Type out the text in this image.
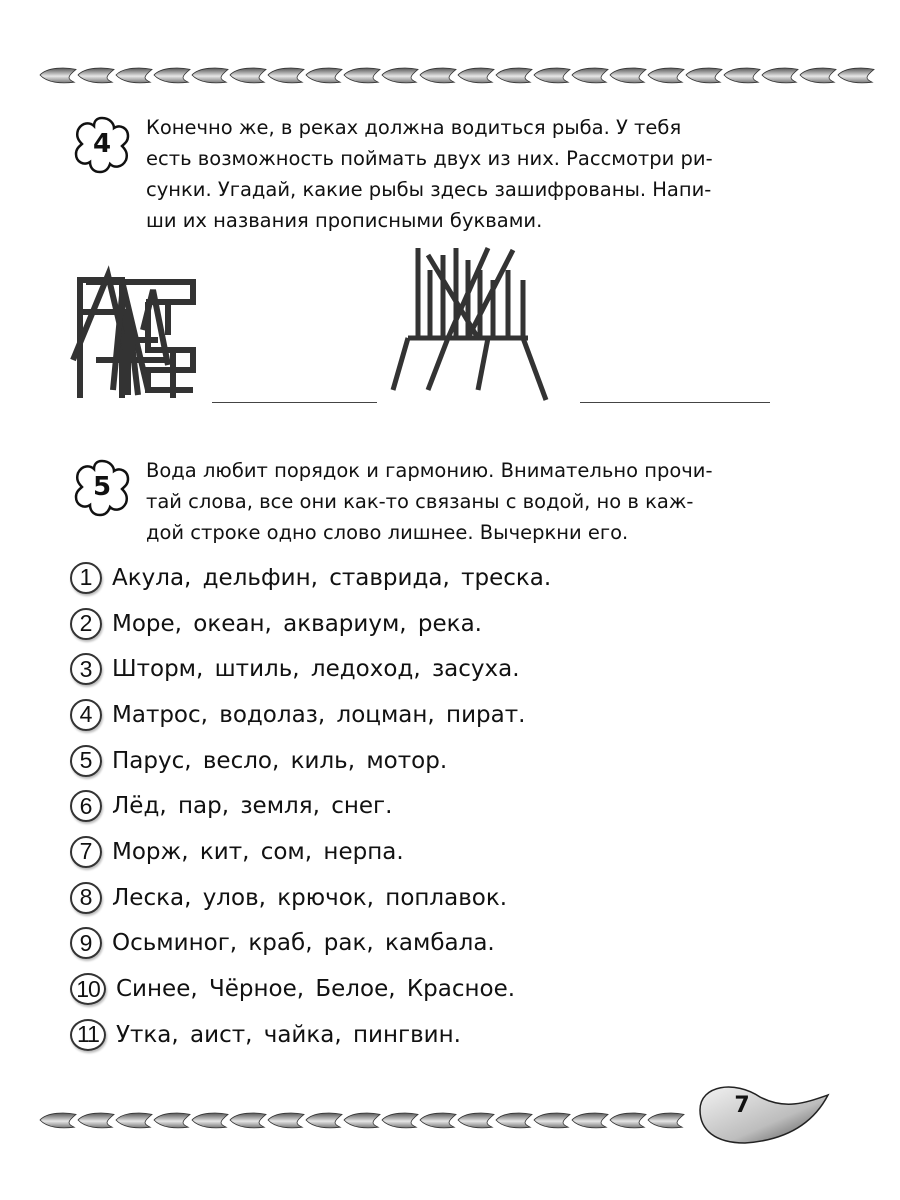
4
Конечно же, в реках должна водиться рыба. У тебя
есть возможность поймать двух из них. Рассмотри ри-
сунки. Угадай, какие рыбы здесь зашифрованы. Напи-
ши их названия прописными буквами.
5
Вода любит порядок и гармонию. Внимательно прочи-
тай слова, все они как-то связаны с водой, но в каж-
дой строке одно слово лишнее. Вычеркни его.
1 Акула, дельфин, ставрида, треска.
2 Море, океан, аквариум, река.
3 Шторм, штиль, ледоход, засуха.
4 Матрос, водолаз, лоцман, пират.
5 Парус, весло, киль, мотор.
6 Лёд, пар, земля, снег.
7 Морж, кит, сом, нерпа.
8 Леска, улов, крючок, поплавок.
9 Осьминог, краб, рак, камбала.
10 Синее, Чёрное, Белое, Красное.
11 Утка, аист, чайка, пингвин.
7
